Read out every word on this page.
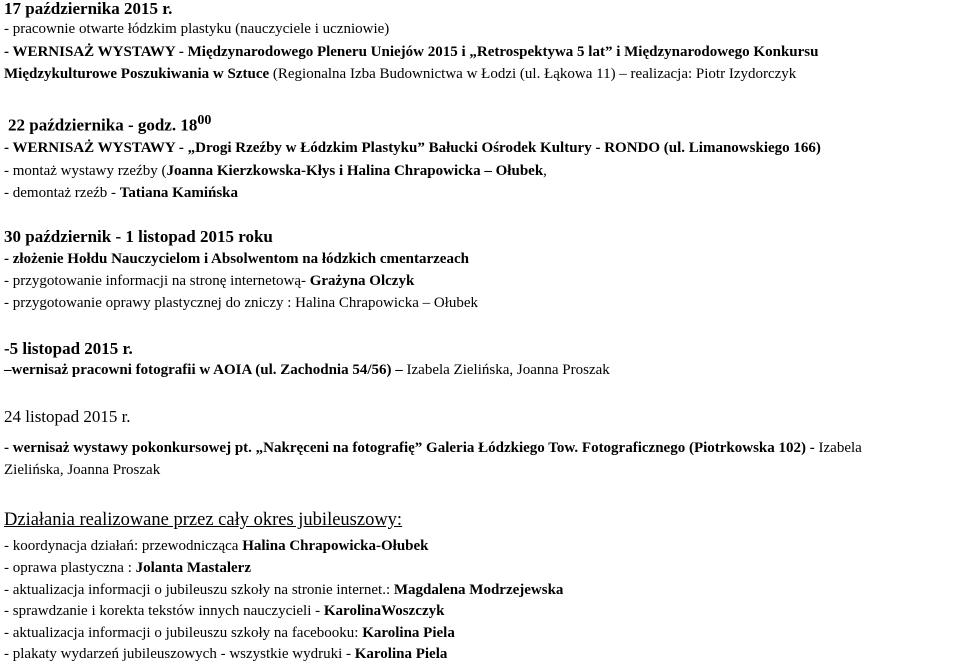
17 października 2015 r.
- pracownie otwarte łódzkim plastyku (nauczyciele i uczniowie)
- WERNISAŻ WYSTAWY - Międzynarodowego Pleneru Uniejów 2015 i „Retrospektywa 5 lat” i Międzynarodowego Konkursu
Międzykulturowe Poszukiwania w Sztuce (Regionalna Izba Budownictwa w Łodzi (ul. Łąkowa 11) – realizacja: Piotr Izydorczyk
22 października - godz. $18^{00}$
- WERNISAŻ WYSTAWY - „Drogi Rzeźby w Łódzkim Plastyku” Bałucki Ośrodek Kultury - RONDO (ul. Limanowskiego 166)
- montaż wystawy rzeźby (Joanna Kierzkowska-Kłys i Halina Chrapowicka – Ołubek,
- demontaż rzeźb - Tatiana Kamińska
30 październik - 1 listopad 2015 roku
- złożenie Hołdu Nauczycielom i Absolwentom na łódzkich cmentarzeach
- przygotowanie informacji na stronę internetową- Grażyna Olczyk
- przygotowanie oprawy plastycznej do zniczy : Halina Chrapowicka – Ołubek
-5 listopad 2015 r.
–wernisaż pracowni fotografii w AOIA (ul. Zachodnia 54/56) – Izabela Zielińska, Joanna Proszak
24 listopad 2015 r.
- wernisaż wystawy pokonkursowej pt. „Nakręceni na fotografię” Galeria Łódzkiego Tow. Fotograficznego (Piotrkowska 102) - Izabela
Zielińska, Joanna Proszak
Działania realizowane przez cały okres jubileuszowy:
- koordynacja działań: przewodnicząca Halina Chrapowicka-Ołubek
- oprawa plastyczna : Jolanta Mastalerz
- aktualizacja informacji o jubileuszu szkoły na stronie internet.: Magdalena Modrzejewska
- sprawdzanie i korekta tekstów innych nauczycieli - KarolinaWoszczyk
- aktualizacja informacji o jubileuszu szkoły na facebooku: Karolina Piela
- plakaty wydarzeń jubileuszowych - wszystkie wydruki - Karolina Piela
